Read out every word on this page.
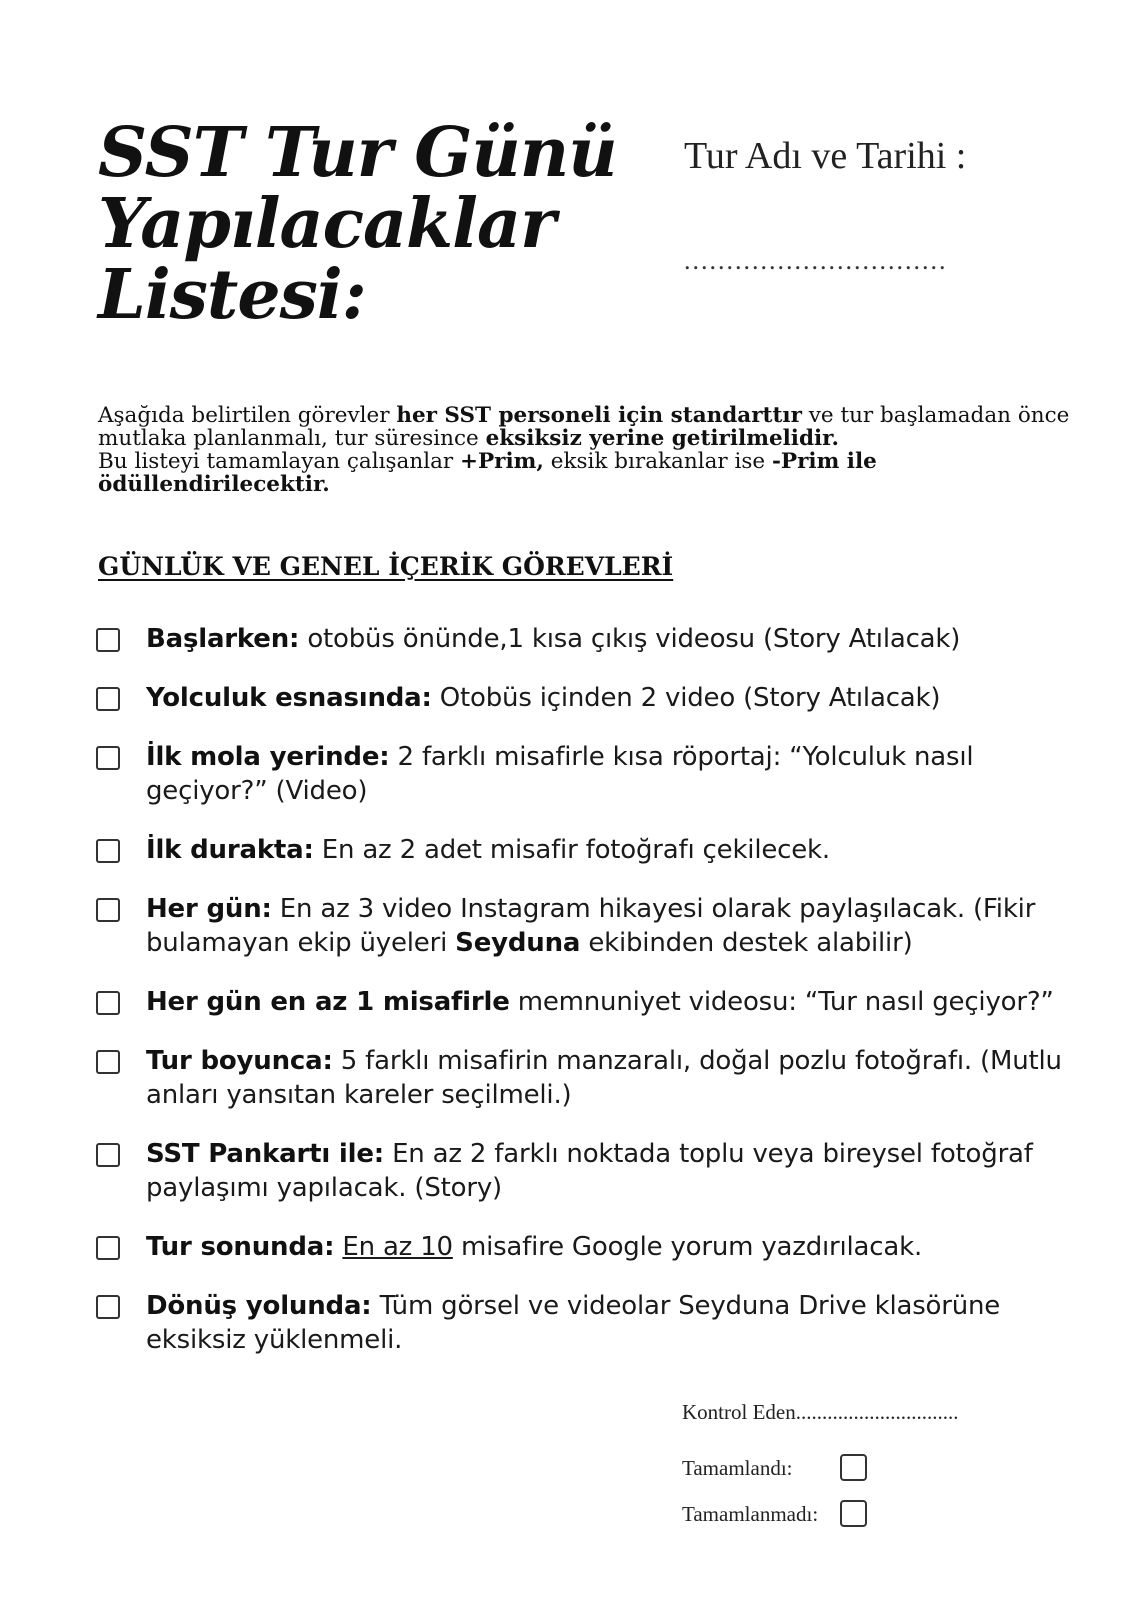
SST Tur Günü
Yapılacaklar
Listesi:
Tur Adı ve Tarihi :
...............................

Aşağıda belirtilen görevler her SST personeli için standarttır ve tur başlamadan önce mutlaka planlanmalı, tur süresince eksiksiz yerine getirilmelidir.
Bu listeyi tamamlayan çalışanlar +Prim, eksik bırakanlar ise -Prim ile ödüllendirilecektir.

GÜNLÜK VE GENEL İÇERİK GÖREVLERİ
Başlarken: otobüs önünde,1 kısa çıkış videosu (Story Atılacak)
Yolculuk esnasında: Otobüs içinden 2 video (Story Atılacak)
İlk mola yerinde: 2 farklı misafirle kısa röportaj: “Yolculuk nasıl geçiyor?” (Video)
İlk durakta: En az 2 adet misafir fotoğrafı çekilecek.
Her gün: En az 3 video Instagram hikayesi olarak paylaşılacak. (Fikir bulamayan ekip üyeleri Seyduna ekibinden destek alabilir)
Her gün en az 1 misafirle memnuniyet videosu: “Tur nasıl geçiyor?”
Tur boyunca: 5 farklı misafirin manzaralı, doğal pozlu fotoğrafı. (Mutlu anları yansıtan kareler seçilmeli.)
SST Pankartı ile: En az 2 farklı noktada toplu veya bireysel fotoğraf paylaşımı yapılacak. (Story)
Tur sonunda: En az 10 misafire Google yorum yazdırılacak.
Dönüş yolunda: Tüm görsel ve videolar Seyduna Drive klasörüne eksiksiz yüklenmeli.
Kontrol Eden...............................
Tamamlandı:
Tamamlanmadı:
